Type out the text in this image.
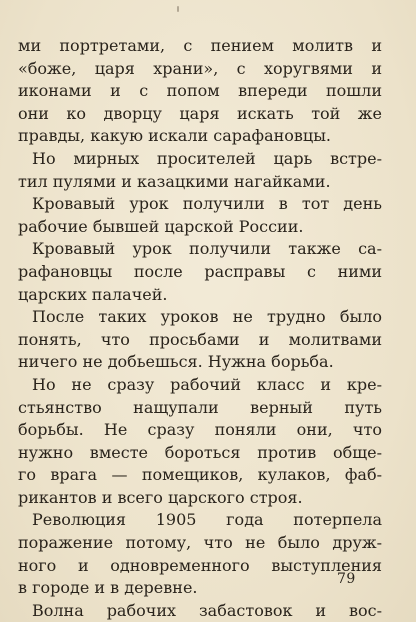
ми портретами, с пением молитв и
«боже, царя храни», с хоругвями и
иконами и с попом впереди пошли
они ко дворцу царя искать той же
правды, какую искали сарафановцы.
Но мирных просителей царь встре-
тил пулями и казацкими нагайками.
Кровавый урок получили в тот день
рабочие бывшей царской России.
Кровавый урок получили также са-
рафановцы после расправы с ними
царских палачей.
После таких уроков не трудно было
понять, что просьбами и молитвами
ничего не добьешься. Нужна борьба.
Но не сразу рабочий класс и кре-
стьянство нащупали верный путь
борьбы. Не сразу поняли они, что
нужно вместе бороться против обще-
го врага — помещиков, кулаков, фаб-
рикантов и всего царского строя.
Революция 1905 года потерпела
поражение потому, что не было друж-
ного и одновременного выступления
в городе и в деревне.
Волна рабочих забастовок и вос-
79
